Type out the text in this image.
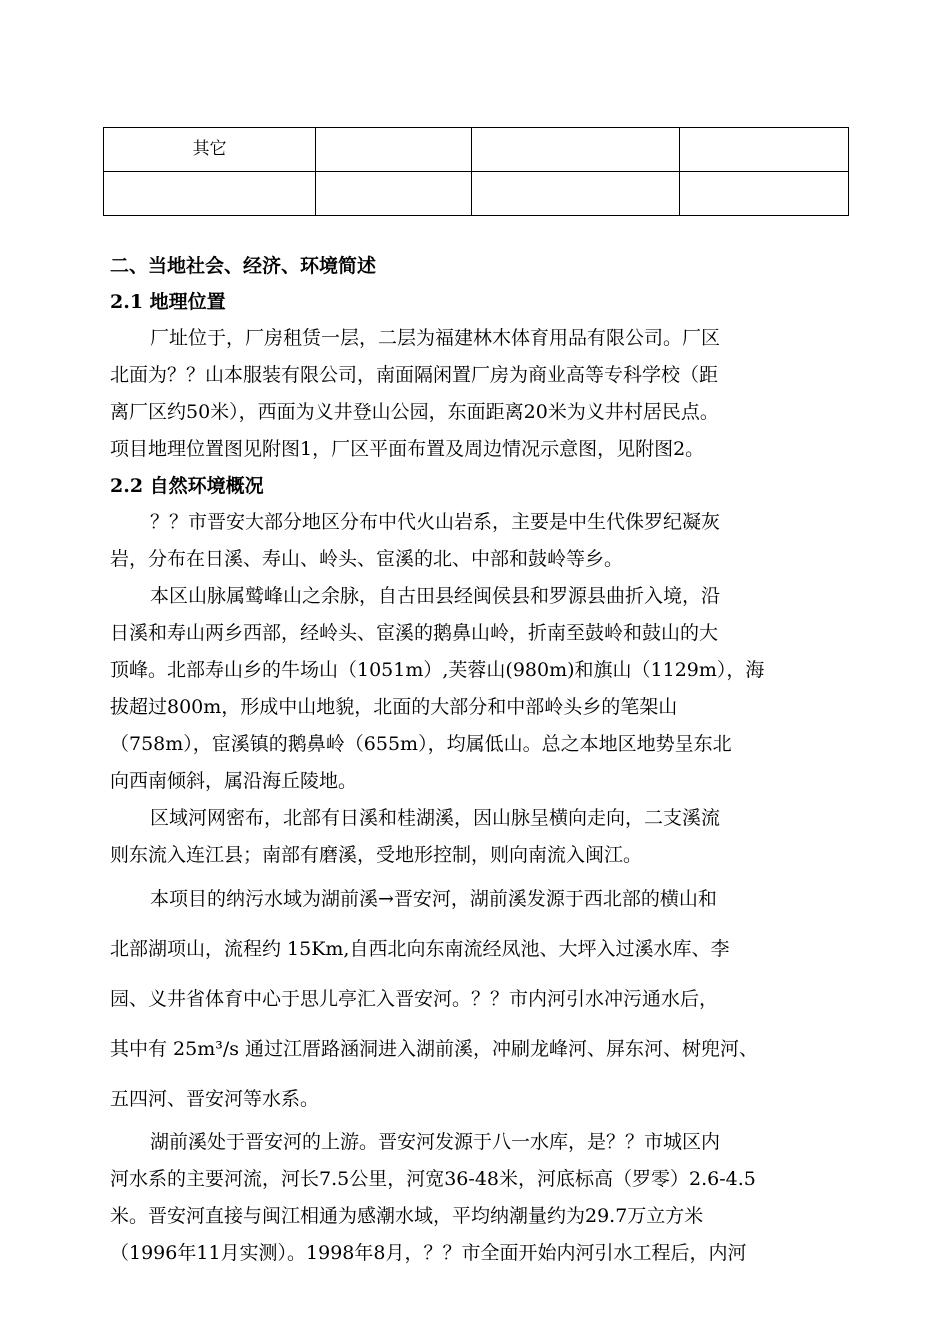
其它			

二、当地社会、经济、环境简述
2.1 地理位置
厂址位于，厂房租赁一层，二层为福建林木体育用品有限公司。厂区
北面为？？山本服装有限公司，南面隔闲置厂房为商业高等专科学校（距
离厂区约50米），西面为义井登山公园，东面距离20米为义井村居民点。
项目地理位置图见附图1，厂区平面布置及周边情况示意图，见附图2。
2.2 自然环境概况
？？市晋安大部分地区分布中代火山岩系，主要是中生代侏罗纪凝灰
岩，分布在日溪、寿山、岭头、宦溪的北、中部和鼓岭等乡。
本区山脉属鹫峰山之余脉，自古田县经闽侯县和罗源县曲折入境，沿
日溪和寿山两乡西部，经岭头、宦溪的鹅鼻山岭，折南至鼓岭和鼓山的大
顶峰。北部寿山乡的牛场山（1051m）,芙蓉山(980m)和旗山（1129m），海
拔超过800m，形成中山地貌，北面的大部分和中部岭头乡的笔架山
（758m），宦溪镇的鹅鼻岭（655m），均属低山。总之本地区地势呈东北
向西南倾斜，属沿海丘陵地。
区域河网密布，北部有日溪和桂湖溪，因山脉呈横向走向，二支溪流
则东流入连江县；南部有磨溪，受地形控制，则向南流入闽江。
本项目的纳污水域为湖前溪→晋安河，湖前溪发源于西北部的横山和
北部湖项山，流程约 15Km,自西北向东南流经凤池、大坪入过溪水库、李
园、义井省体育中心于思儿亭汇入晋安河。？？市内河引水冲污通水后，
其中有 25m³/s 通过江厝路涵洞进入湖前溪，冲刷龙峰河、屏东河、树兜河、
五四河、晋安河等水系。
湖前溪处于晋安河的上游。晋安河发源于八一水库，是？？市城区内
河水系的主要河流，河长7.5公里，河宽36-48米，河底标高（罗零）2.6-4.5
米。晋安河直接与闽江相通为感潮水域，平均纳潮量约为29.7万立方米
（1996年11月实测）。1998年8月，？？市全面开始内河引水工程后，内河
